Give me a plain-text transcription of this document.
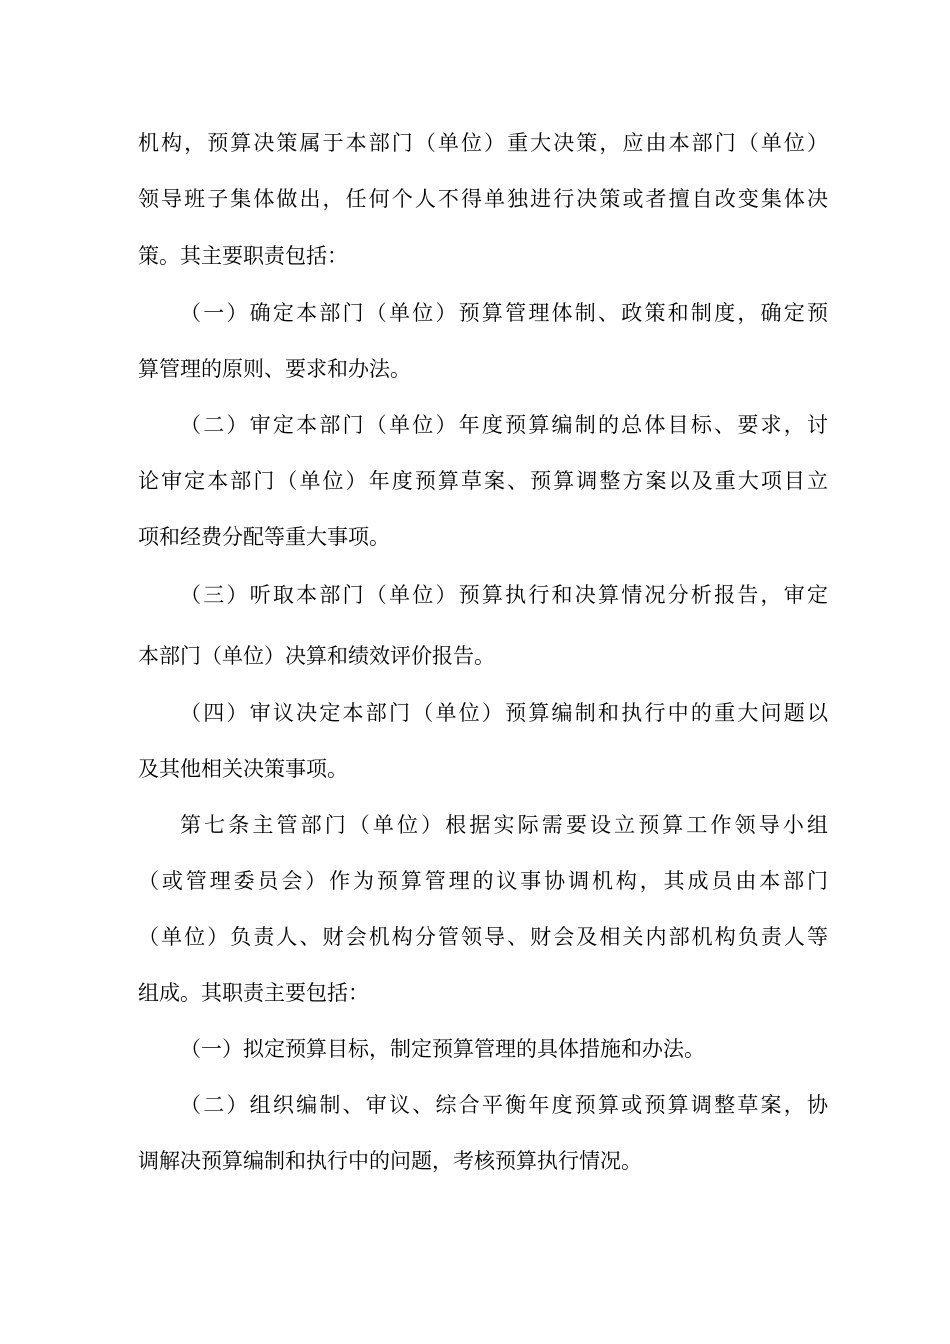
机构，预算决策属于本部门（单位）重大决策，应由本部门（单位）
领导班子集体做出，任何个人不得单独进行决策或者擅自改变集体决
策。其主要职责包括：
（一）确定本部门（单位）预算管理体制、政策和制度，确定预
算管理的原则、要求和办法。
（二）审定本部门（单位）年度预算编制的总体目标、要求，讨
论审定本部门（单位）年度预算草案、预算调整方案以及重大项目立
项和经费分配等重大事项。
（三）听取本部门（单位）预算执行和决算情况分析报告，审定
本部门（单位）决算和绩效评价报告。
（四）审议决定本部门（单位）预算编制和执行中的重大问题以
及其他相关决策事项。
第七条主管部门（单位）根据实际需要设立预算工作领导小组
（或管理委员会）作为预算管理的议事协调机构，其成员由本部门
（单位）负责人、财会机构分管领导、财会及相关内部机构负责人等
组成。其职责主要包括：
（一）拟定预算目标，制定预算管理的具体措施和办法。
（二）组织编制、审议、综合平衡年度预算或预算调整草案，协
调解决预算编制和执行中的问题，考核预算执行情况。
